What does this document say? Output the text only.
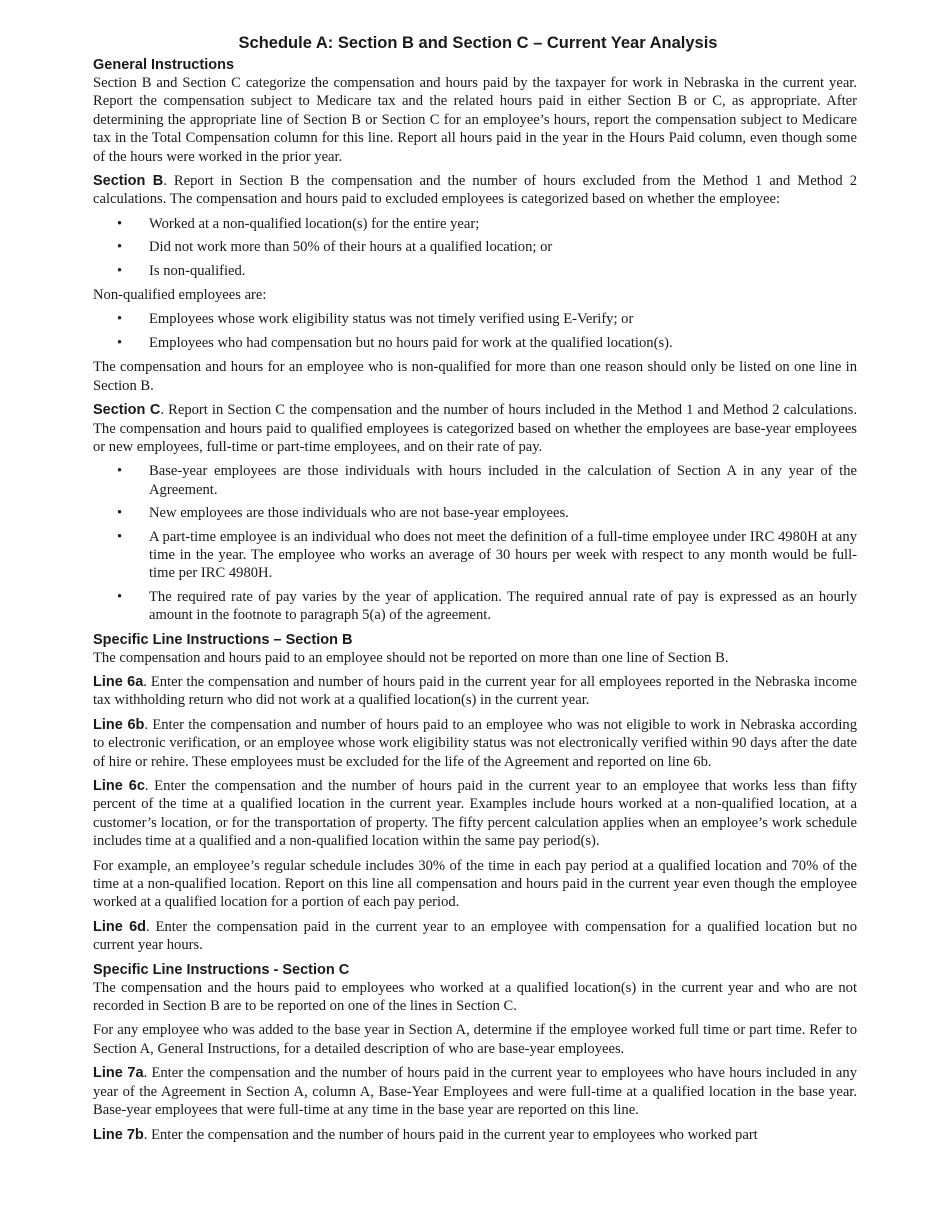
Schedule A: Section B and Section C – Current Year Analysis
General Instructions

Section B and Section C categorize the compensation and hours paid by the taxpayer for work in Nebraska in the current year. Report the compensation subject to Medicare tax and the related hours paid in either Section B or C, as appropriate. After determining the appropriate line of Section B or Section C for an employee’s hours, report the compensation subject to Medicare tax in the Total Compensation column for this line. Report all hours paid in the year in the Hours Paid column, even though some of the hours were worked in the prior year.

Section B. Report in Section B the compensation and the number of hours excluded from the Method 1 and Method 2 calculations. The compensation and hours paid to excluded employees is categorized based on whether the employee:

• Worked at a non-qualified location(s) for the entire year;
• Did not work more than 50% of their hours at a qualified location; or
• Is non-qualified.

Non-qualified employees are:

• Employees whose work eligibility status was not timely verified using E-Verify; or
• Employees who had compensation but no hours paid for work at the qualified location(s).

The compensation and hours for an employee who is non-qualified for more than one reason should only be listed on one line in Section B.

Section C. Report in Section C the compensation and the number of hours included in the Method 1 and Method 2 calculations. The compensation and hours paid to qualified employees is categorized based on whether the employees are base-year employees or new employees, full-time or part-time employees, and on their rate of pay.

• Base-year employees are those individuals with hours included in the calculation of Section A in any year of the Agreement.
• New employees are those individuals who are not base-year employees.
• A part-time employee is an individual who does not meet the definition of a full-time employee under IRC 4980H at any time in the year. The employee who works an average of 30 hours per week with respect to any month would be full-time per IRC 4980H.
• The required rate of pay varies by the year of application. The required annual rate of pay is expressed as an hourly amount in the footnote to paragraph 5(a) of the agreement.
Specific Line Instructions – Section B

The compensation and hours paid to an employee should not be reported on more than one line of Section B.

Line 6a. Enter the compensation and number of hours paid in the current year for all employees reported in the Nebraska income tax withholding return who did not work at a qualified location(s) in the current year.

Line 6b. Enter the compensation and number of hours paid to an employee who was not eligible to work in Nebraska according to electronic verification, or an employee whose work eligibility status was not electronically verified within 90 days after the date of hire or rehire. These employees must be excluded for the life of the Agreement and reported on line 6b.

Line 6c. Enter the compensation and the number of hours paid in the current year to an employee that works less than fifty percent of the time at a qualified location in the current year. Examples include hours worked at a non-qualified location, at a customer’s location, or for the transportation of property. The fifty percent calculation applies when an employee’s work schedule includes time at a qualified and a non-qualified location within the same pay period(s).

For example, an employee’s regular schedule includes 30% of the time in each pay period at a qualified location and 70% of the time at a non-qualified location. Report on this line all compensation and hours paid in the current year even though the employee worked at a qualified location for a portion of each pay period.

Line 6d. Enter the compensation paid in the current year to an employee with compensation for a qualified location but no current year hours.

Specific Line Instructions - Section C

The compensation and the hours paid to employees who worked at a qualified location(s) in the current year and who are not recorded in Section B are to be reported on one of the lines in Section C.

For any employee who was added to the base year in Section A, determine if the employee worked full time or part time. Refer to Section A, General Instructions, for a detailed description of who are base-year employees.

Line 7a. Enter the compensation and the number of hours paid in the current year to employees who have hours included in any year of the Agreement in Section A, column A, Base-Year Employees and were full-time at a qualified location in the base year. Base-year employees that were full-time at any time in the base year are reported on this line.

Line 7b. Enter the compensation and the number of hours paid in the current year to employees who worked part
